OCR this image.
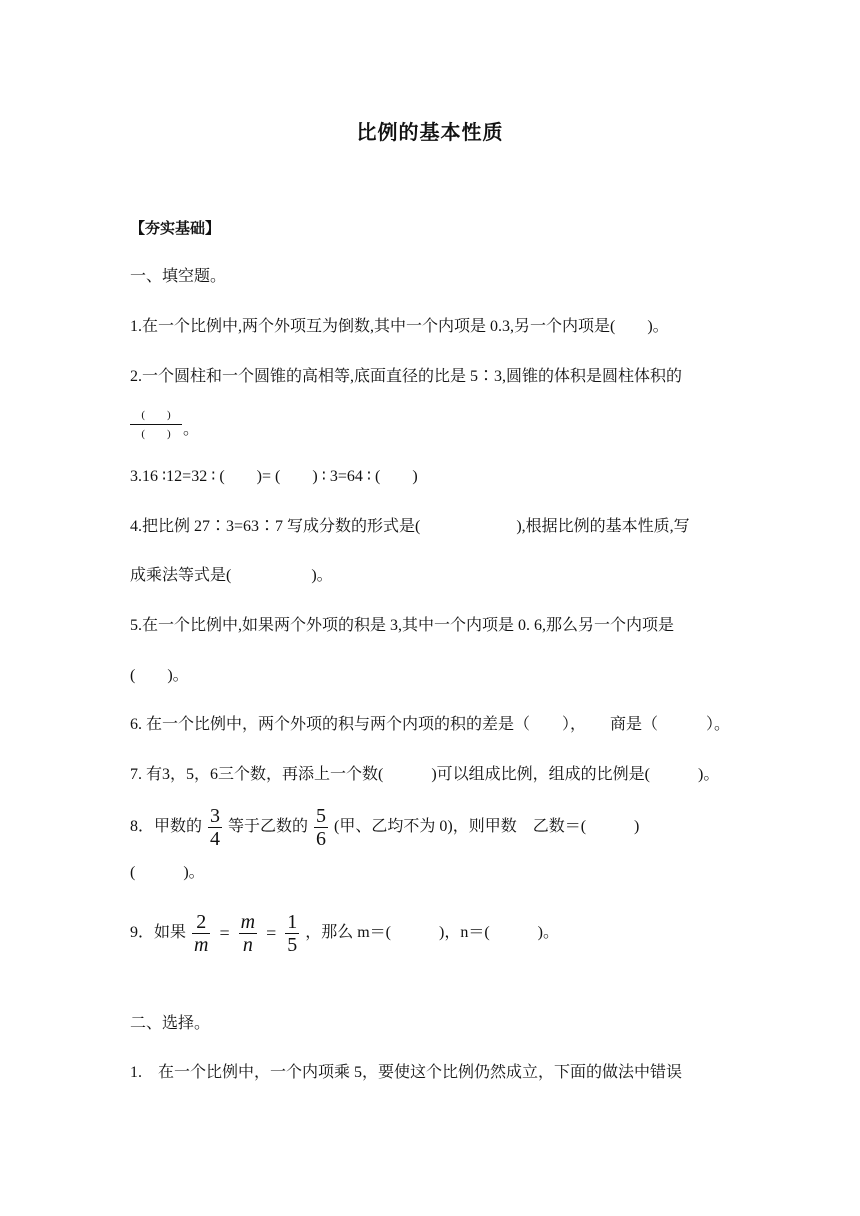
比例的基本性质
【夯实基础】
一、填空题。
1.在一个比例中,两个外项互为倒数,其中一个内项是 0.3,另一个内项是(　　)。
2.一个圆柱和一个圆锥的高相等,底面直径的比是 5∶3,圆锥的体积是圆柱体积的
(　　)
(　　) 。
3.16 ∶12=32 ∶ (　　)= (　　) ∶ 3=64 ∶ (　　)
4.把比例 27∶3=63∶7 写成分数的形式是(　　　　　　),根据比例的基本性质,写
成乘法等式是(　　　　　)。
5.在一个比例中,如果两个外项的积是 3,其中一个内项是 0. 6,那么另一个内项是
(　　)。
6. 在一个比例中，两个外项的积与两个内项的积的差是（　　）， 商是（　　　）。
7. 有3，5，6三个数，再添上一个数(　　　)可以组成比例，组成的比例是(　　　)。
8．甲数的 $\frac{3}{4}$ 等于乙数的 $\frac{5}{6}$ (甲、乙均不为 0)，则甲数　乙数＝(　　　)
(　　　)。
9．如果 $\frac{2}{m} = \frac{m}{n} = \frac{1}{5}$ ，那么 m＝(　　　)，n＝(　　　)。
二、选择。
1.　在一个比例中，一个内项乘 5，要使这个比例仍然成立，下面的做法中错误
